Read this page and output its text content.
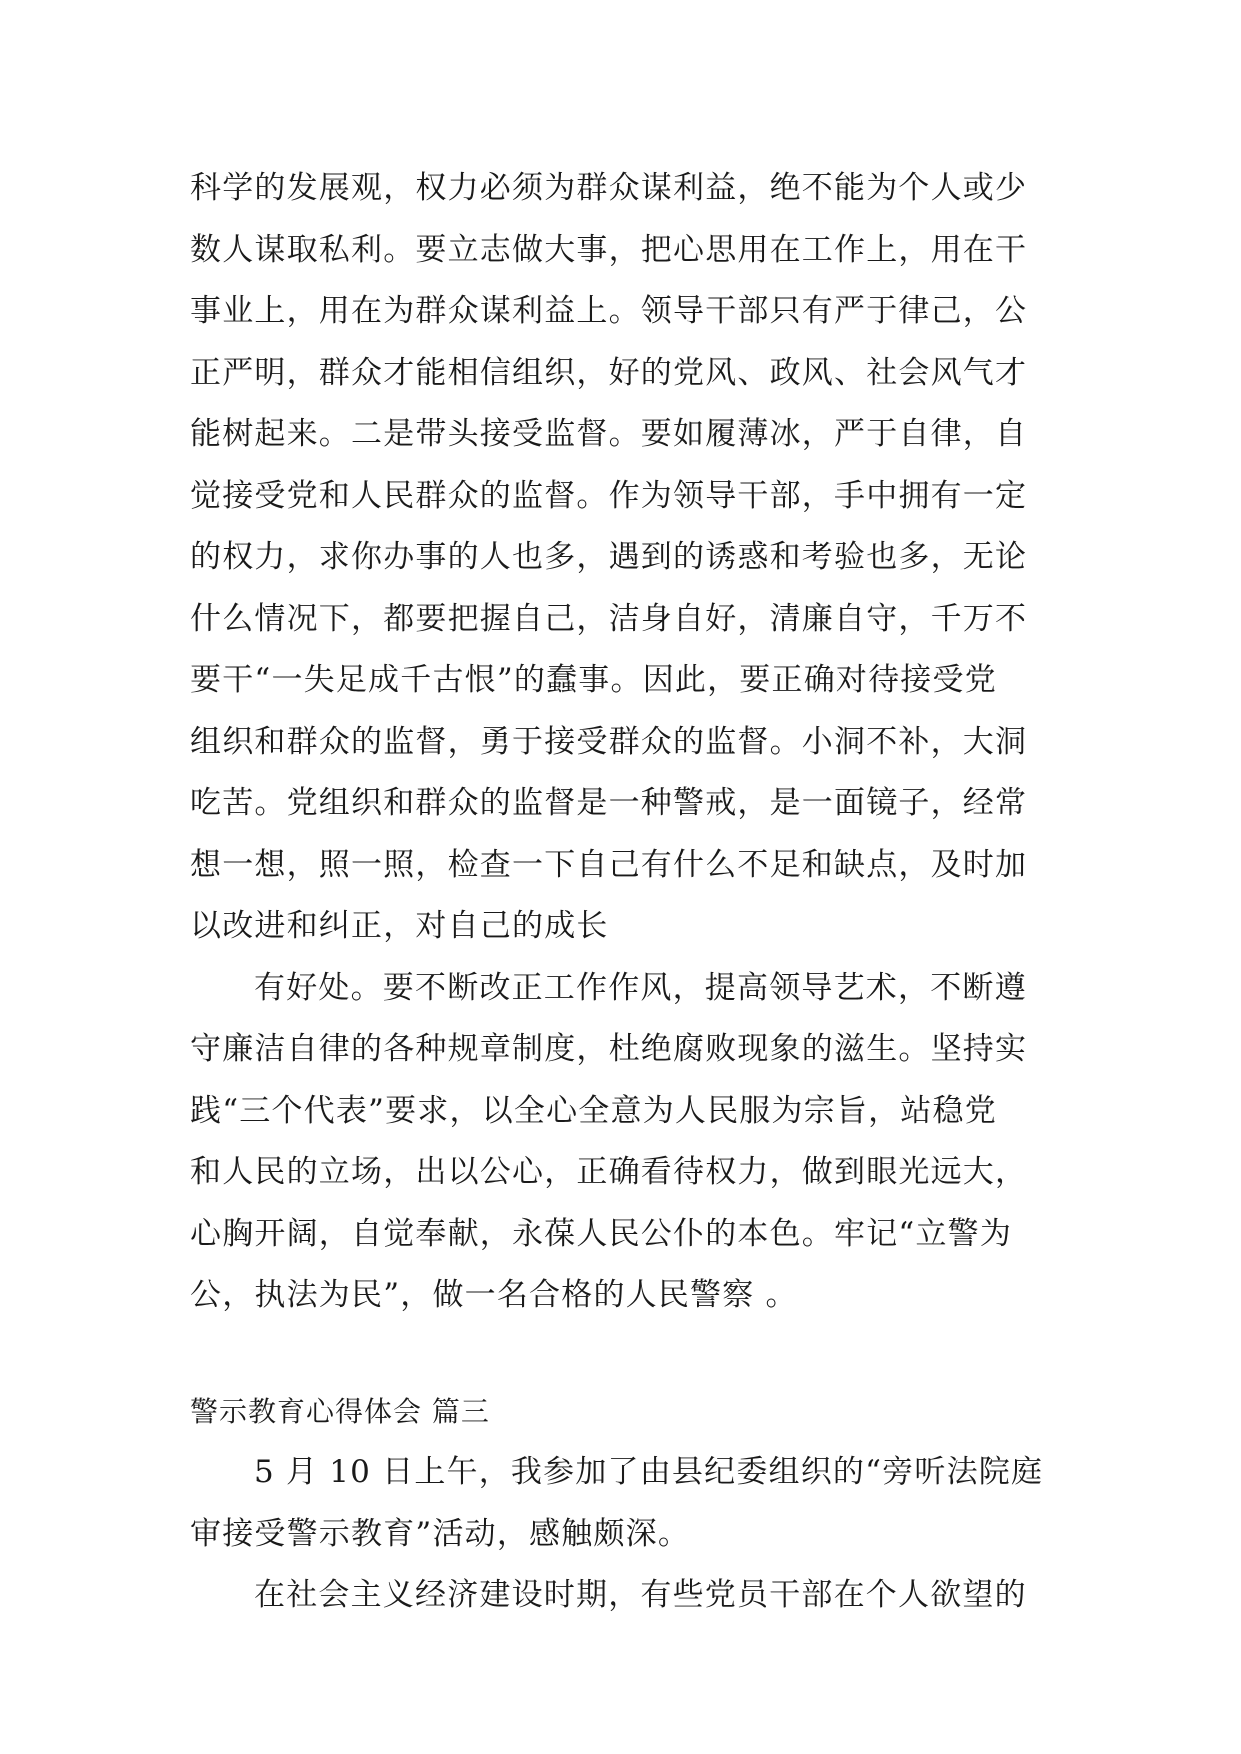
科学的发展观，权力必须为群众谋利益，绝不能为个人或少
数人谋取私利。要立志做大事，把心思用在工作上，用在干
事业上，用在为群众谋利益上。领导干部只有严于律己，公
正严明，群众才能相信组织，好的党风、政风、社会风气才
能树起来。二是带头接受监督。要如履薄冰，严于自律，自
觉接受党和人民群众的监督。作为领导干部，手中拥有一定
的权力，求你办事的人也多，遇到的诱惑和考验也多，无论
什么情况下，都要把握自己，洁身自好，清廉自守，千万不
要干“一失足成千古恨”的蠢事。因此，要正确对待接受党
组织和群众的监督，勇于接受群众的监督。小洞不补，大洞
吃苦。党组织和群众的监督是一种警戒，是一面镜子，经常
想一想，照一照，检查一下自己有什么不足和缺点，及时加
以改进和纠正，对自己的成长
有好处。要不断改正工作作风，提高领导艺术，不断遵
守廉洁自律的各种规章制度，杜绝腐败现象的滋生。坚持实
践“三个代表”要求，以全心全意为人民服为宗旨，站稳党
和人民的立场，出以公心，正确看待权力，做到眼光远大，
心胸开阔，自觉奉献，永葆人民公仆的本色。牢记“立警为
公，执法为民”，做一名合格的人民警察 。
警示教育心得体会 篇三
5 月 10 日上午，我参加了由县纪委组织的“旁听法院庭
审接受警示教育”活动，感触颇深。
在社会主义经济建设时期，有些党员干部在个人欲望的
